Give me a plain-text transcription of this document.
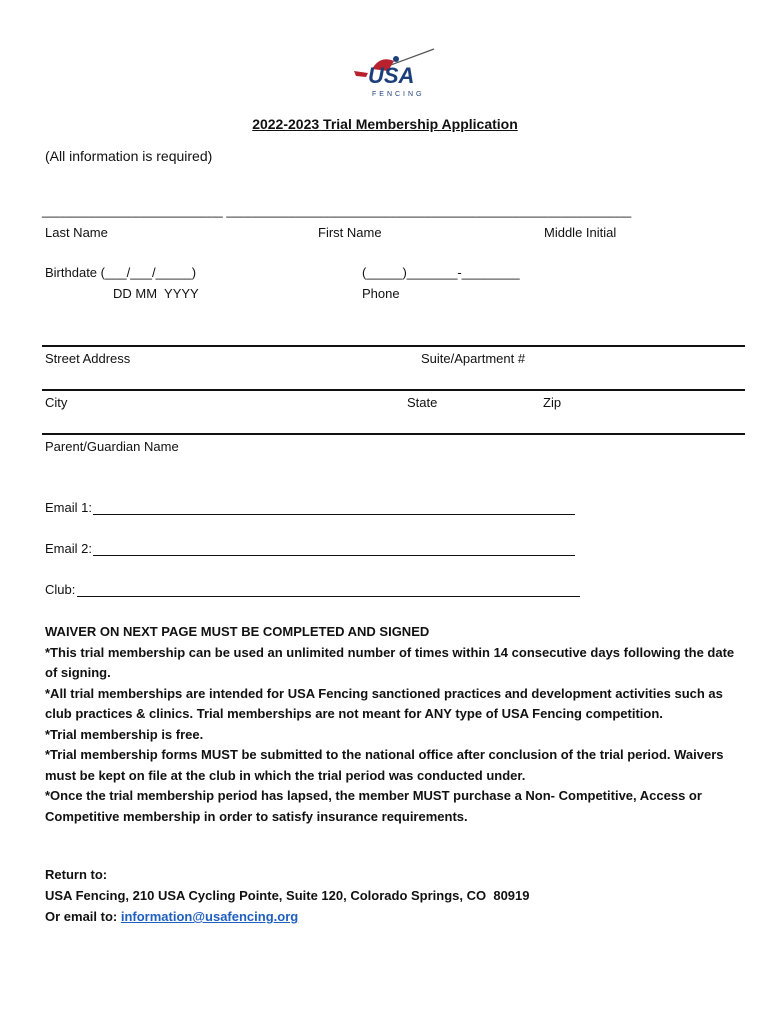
USA
FENCING
2022-2023 Trial Membership Application
(All information is required)
_________________________ ________________________________________________________
Last Name	First Name	Middle Initial
Birthdate (___/___/_____)
DD MM  YYYY
(_____)_______-________
Phone
Street Address	Suite/Apartment #
City	State	Zip
Parent/Guardian Name
Email 1:
Email 2:
Club:
WAIVER ON NEXT PAGE MUST BE COMPLETED AND SIGNED
*This trial membership can be used an unlimited number of times within 14 consecutive days following the date of signing.
*All trial memberships are intended for USA Fencing sanctioned practices and development activities such as club practices & clinics. Trial memberships are not meant for ANY type of USA Fencing competition.
*Trial membership is free.
*Trial membership forms MUST be submitted to the national office after conclusion of the trial period. Waivers must be kept on file at the club in which the trial period was conducted under.
*Once the trial membership period has lapsed, the member MUST purchase a Non- Competitive, Access or Competitive membership in order to satisfy insurance requirements.
Return to:
USA Fencing, 210 USA Cycling Pointe, Suite 120, Colorado Springs, CO  80919
Or email to: information@usafencing.org
